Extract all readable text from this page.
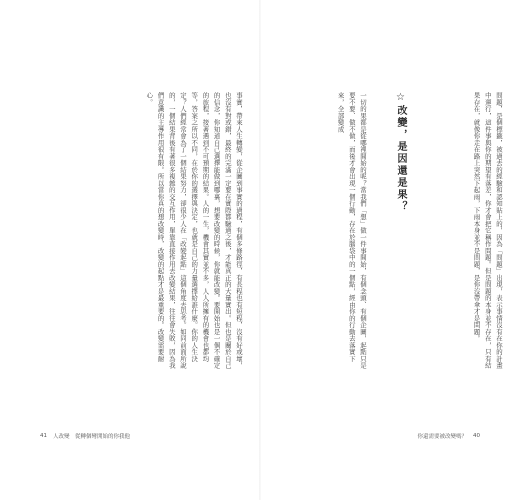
事實，帶來人生轉變，從企圖到事實的過程，有個多條路徑，有長程也有短程，沒有好或壞，也沒有對或錯，最終的完滿一定要在實際都驗過之後，才能真正的大量實出。但也是關於自己的信念，你知道自己選擇能做到哪裏，想要改變的時候，你就能改變。要開始也是一個不確定的旅程，接著遇到不可預期的結果。人的一生，機會其實並不多，人人所擁有的機會也都均等，答案之所以不同，在於你的選擇與決定，也就是自己的力量選擇給誰什麼。你的人生決定？人們經常會為了一個結果努力，卻很少人在「改變起點」這個角度去思考。如同前面所說的，一個結果背後有著很多複雜的交互作用，單靠直接作用去改變結果，往往會失敗，因為我們意識的主導作用很有限。所以當你真的想改變時，改變的起點才是最重要的。改變需要耐心。
41 人改變　從轉個彎開始的你我他
問題，是個標籤，被過去的經驗和認知貼上的，因為「問題」出現，表示事情沒有在你的計畫中運行，這件事與你的期望有落差，你才會把它稱作問題。但是問題的本身並不存在，只有結果存在，就像你走在路上突然下起雨，下雨本身並不是問題，是你沒帶傘才是問題。
☆改變，是因還是果？
一切的果都是從哪裡開始的呢？當我們「想」做一件事開始，有個念頭、有個企圖，起點只是要不要、做不做，而後才會出現一個行動，存在於腦袋中的一個點，經由你的行動去落實下來，全部變成
你還需要被改變嗎？ 40
